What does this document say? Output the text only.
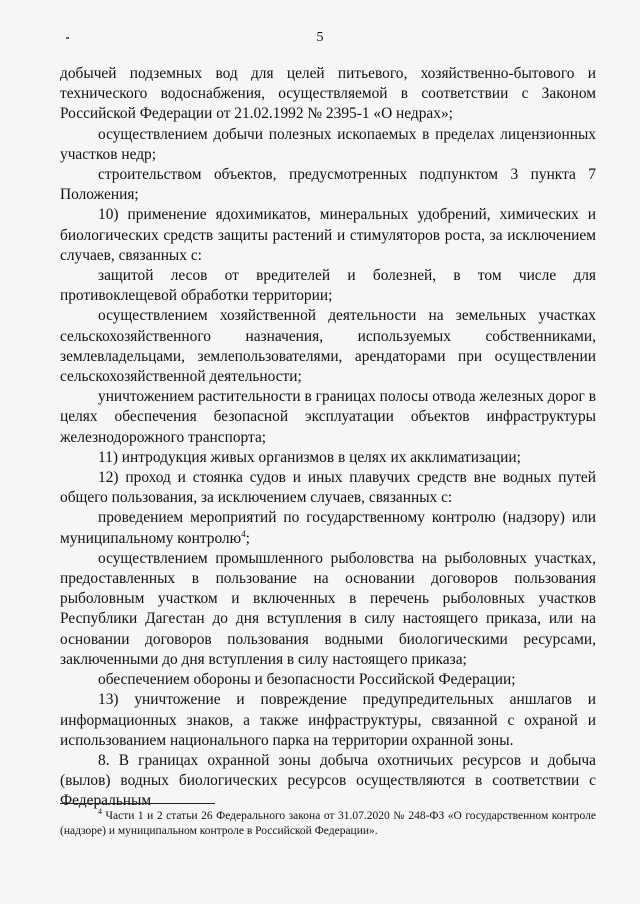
5

добычей подземных вод для целей питьевого, хозяйственно-бытового и технического водоснабжения, осуществляемой в соответствии с Законом Российской Федерации от 21.02.1992 № 2395-1 «О недрах»;

осуществлением добычи полезных ископаемых в пределах лицензионных участков недр;

строительством объектов, предусмотренных подпунктом 3 пункта 7 Положения;

10) применение ядохимикатов, минеральных удобрений, химических и биологических средств защиты растений и стимуляторов роста, за исключением случаев, связанных с:

защитой лесов от вредителей и болезней, в том числе для противоклещевой обработки территории;

осуществлением хозяйственной деятельности на земельных участках сельскохозяйственного назначения, используемых собственниками, землевладельцами, землепользователями, арендаторами при осуществлении сельскохозяйственной деятельности;

уничтожением растительности в границах полосы отвода железных дорог в целях обеспечения безопасной эксплуатации объектов инфраструктуры железнодорожного транспорта;

11) интродукция живых организмов в целях их акклиматизации;

12) проход и стоянка судов и иных плавучих средств вне водных путей общего пользования, за исключением случаев, связанных с:

проведением мероприятий по государственному контролю (надзору) или муниципальному контролю$^4$;

осуществлением промышленного рыболовства на рыболовных участках, предоставленных в пользование на основании договоров пользования рыболовным участком и включенных в перечень рыболовных участков Республики Дагестан до дня вступления в силу настоящего приказа, или на основании договоров пользования водными биологическими ресурсами, заключенными до дня вступления в силу настоящего приказа;

обеспечением обороны и безопасности Российской Федерации;

13) уничтожение и повреждение предупредительных аншлагов и информационных знаков, а также инфраструктуры, связанной с охраной и использованием национального парка на территории охранной зоны.

8. В границах охранной зоны добыча охотничьих ресурсов и добыча (вылов) водных биологических ресурсов осуществляются в соответствии с Федеральным

$^4$ Части 1 и 2 статьи 26 Федерального закона от 31.07.2020 № 248-ФЗ «О государственном контроле (надзоре) и муниципальном контроле в Российской Федерации».
